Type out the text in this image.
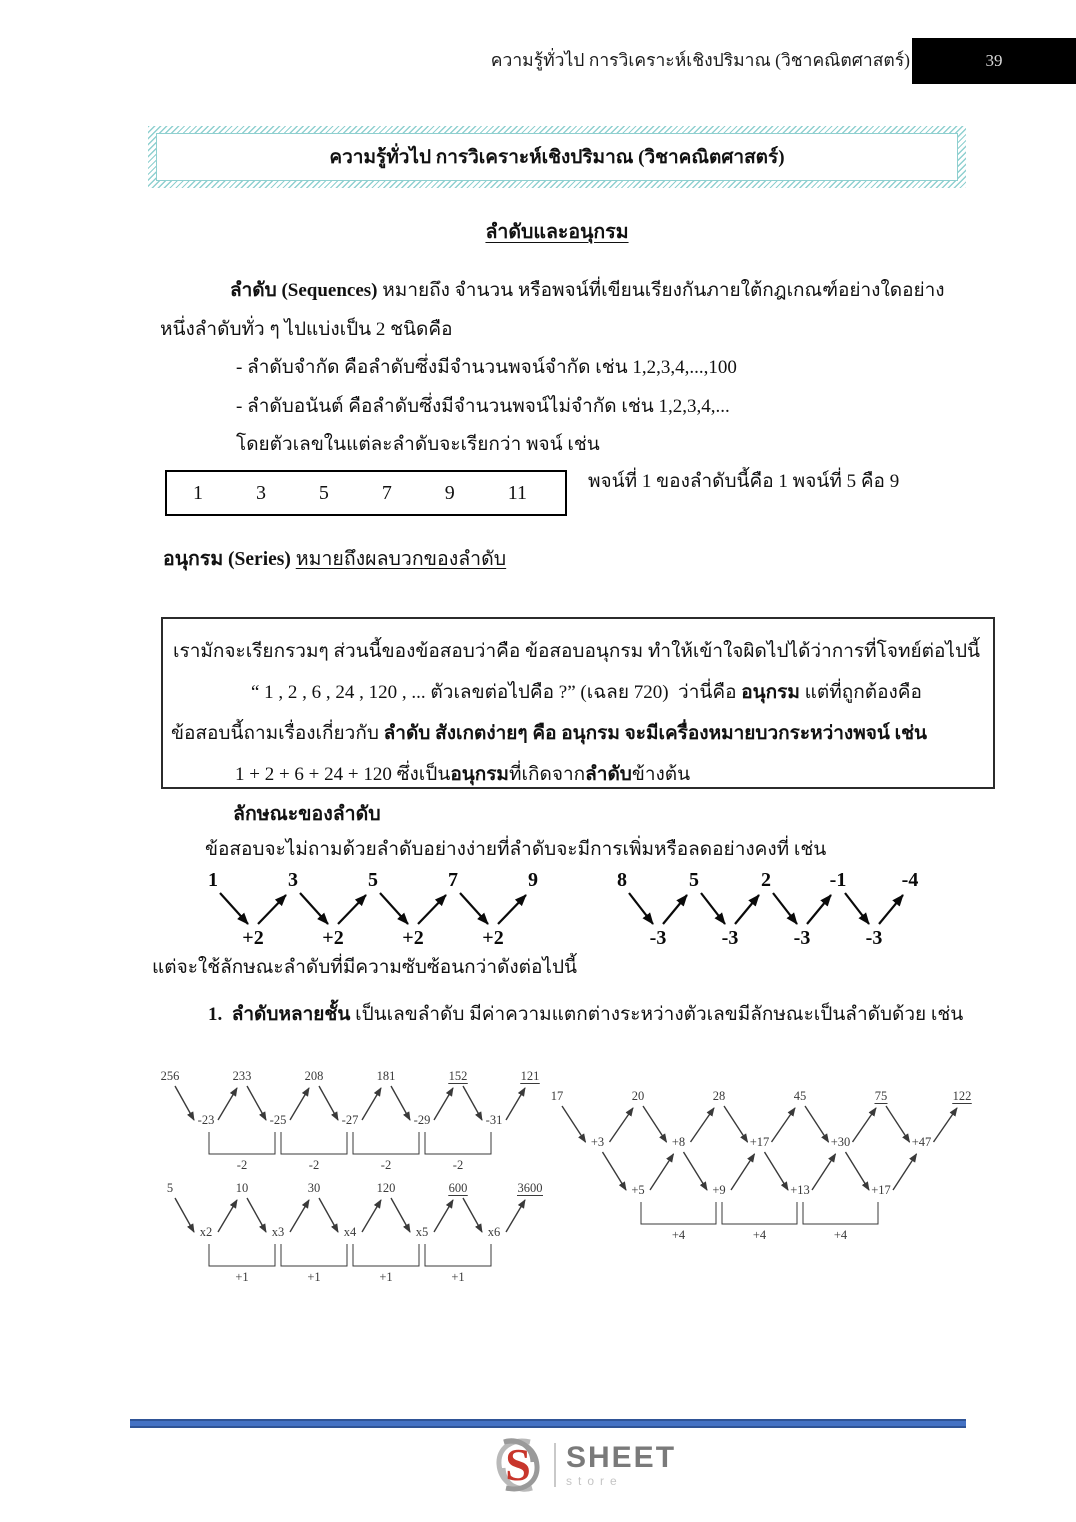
ความรู้ทั่วไป การวิเคราะห์เชิงปริมาณ (วิชาคณิตศาสตร์)	39
ความรู้ทั่วไป การวิเคราะห์เชิงปริมาณ (วิชาคณิตศาสตร์)
ลำดับและอนุกรม
ลำดับ (Sequences) หมายถึง จำนวน หรือพจน์ที่เขียนเรียงกันภายใต้กฎเกณฑ์อย่างใดอย่าง
หนึ่งลำดับทั่ว ๆ ไปแบ่งเป็น 2 ชนิดคือ
- ลำดับจำกัด คือลำดับซึ่งมีจำนวนพจน์จำกัด เช่น 1,2,3,4,...,100
- ลำดับอนันต์ คือลำดับซึ่งมีจำนวนพจน์ไม่จำกัด เช่น 1,2,3,4,...
โดยตัวเลขในแต่ละลำดับจะเรียกว่า พจน์ เช่น
1	3	5	7	9	11	พจน์ที่ 1 ของลำดับนี้คือ 1 พจน์ที่ 5 คือ 9
อนุกรม (Series) หมายถึงผลบวกของลำดับ
เรามักจะเรียกรวมๆ ส่วนนี้ของข้อสอบว่าคือ ข้อสอบอนุกรม ทำให้เข้าใจผิดไปได้ว่าการที่โจทย์ต่อไปนี้
“ 1 , 2 , 6 , 24 , 120 , ... ตัวเลขต่อไปคือ ?” (เฉลย 720)  ว่านี่คือ อนุกรม แต่ที่ถูกต้องคือ
ข้อสอบนี้ถามเรื่องเกี่ยวกับ ลำดับ สังเกตง่ายๆ คือ อนุกรม จะมีเครื่องหมายบวกระหว่างพจน์ เช่น
1 + 2 + 6 + 24 + 120 ซึ่งเป็นอนุกรมที่เกิดจากลำดับข้างต้น
ลักษณะของลำดับ
ข้อสอบจะไม่ถามด้วยลำดับอย่างง่ายที่ลำดับจะมีการเพิ่มหรือลดอย่างคงที่ เช่น
1	3	5	7	9
+2	+2	+2	+2
8	5	2	-1	-4
-3	-3	-3	-3
แต่จะใช้ลักษณะลำดับที่มีความซับซ้อนกว่าดังต่อไปนี้
1.  ลำดับหลายชั้น เป็นเลขลำดับ มีค่าความแตกต่างระหว่างตัวเลขมีลักษณะเป็นลำดับด้วย เช่น
256	233	208	181	152	121
-23	-25	-27	-29	-31
-2	-2	-2	-2
5	10	30	120	600	3600
x2	x3	x4	x5	x6
+1	+1	+1	+1
17	20	28	45	75	122
+3	+8	+17	+30	+47
+5	+9	+13	+17
+4	+4	+4
S SHEET
store
